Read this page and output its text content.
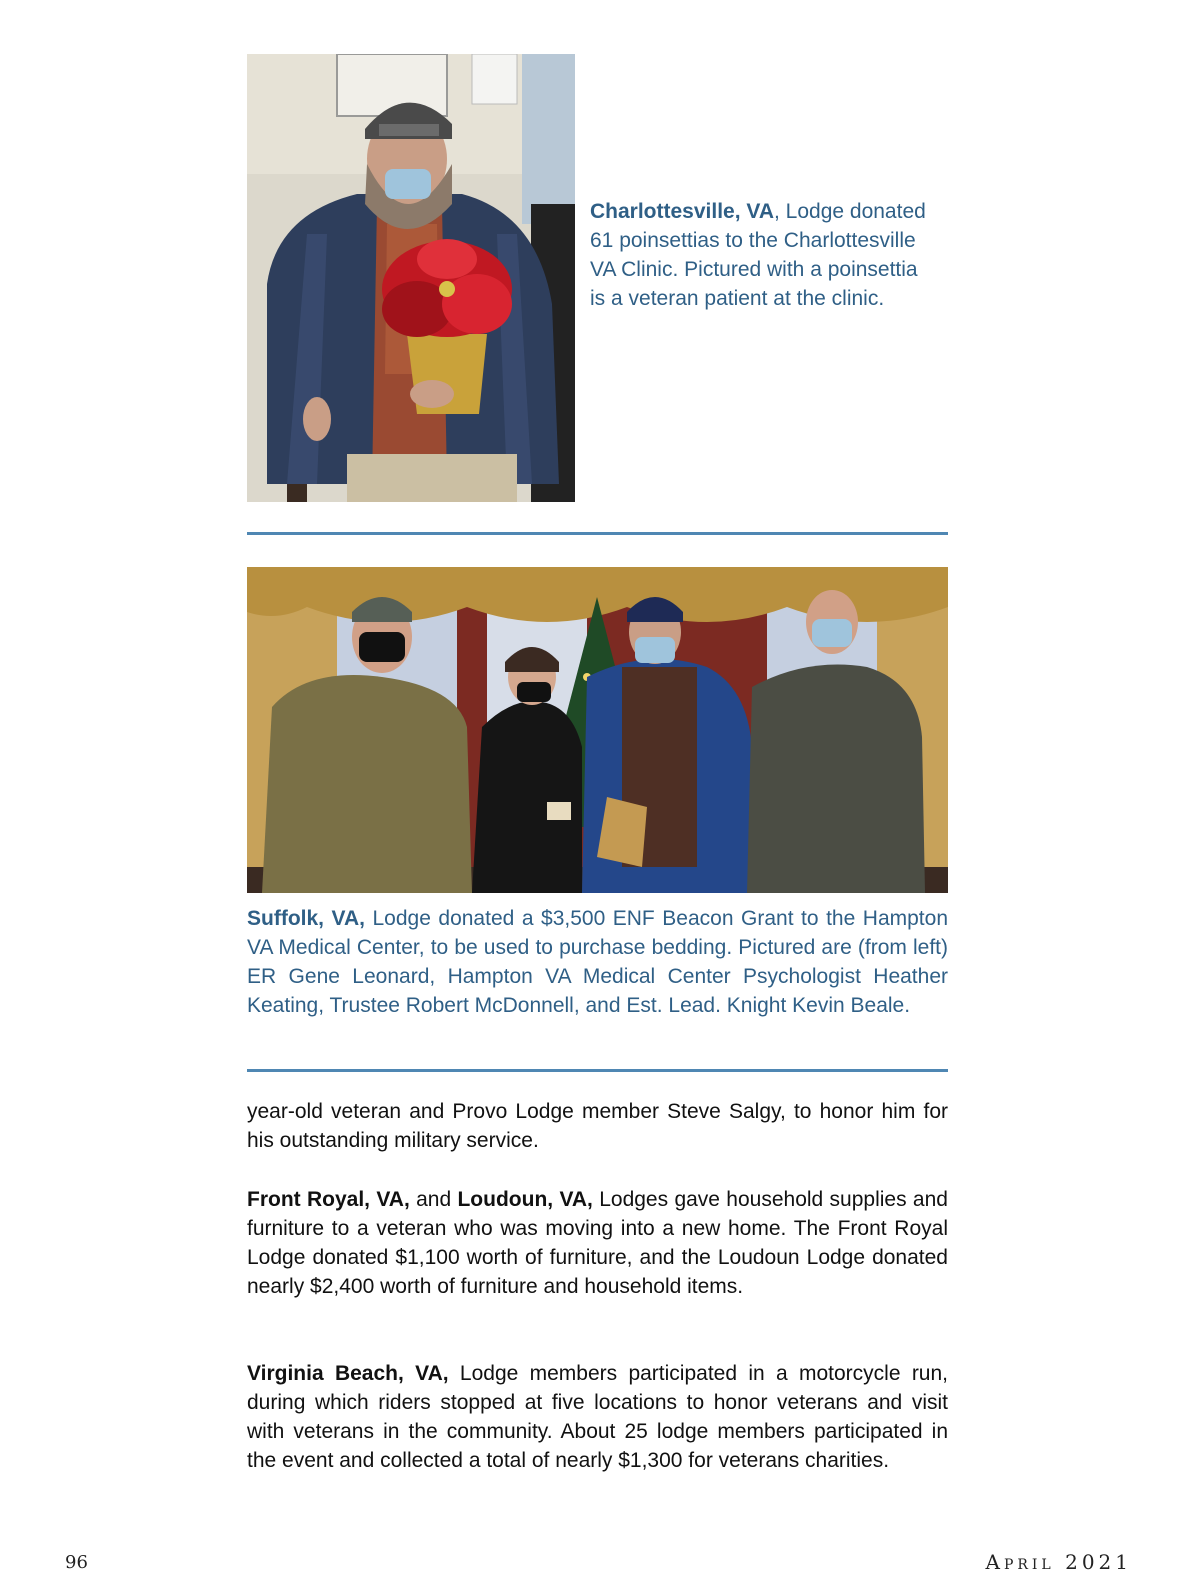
Charlottesville, VA, Lodge donated 61 poinsettias to the Charlottesville VA Clinic. Pictured with a poinsettia is a veteran patient at the clinic.
Suffolk, VA, Lodge donated a $3,500 ENF Beacon Grant to the Hampton VA Medical Center, to be used to purchase bedding. Pictured are (from left) ER Gene Leonard, Hampton VA Medical Center Psychologist Heather Keating, Trustee Robert McDonnell, and Est. Lead. Knight Kevin Beale.
year-old veteran and Provo Lodge member Steve Salgy, to honor him for his outstanding military service.
Front Royal, VA, and Loudoun, VA, Lodges gave household supplies and furniture to a veteran who was moving into a new home. The Front Royal Lodge donated $1,100 worth of furniture, and the Loudoun Lodge donated nearly $2,400 worth of furniture and household items.
Virginia Beach, VA, Lodge members participated in a motorcycle run, during which riders stopped at five locations to honor veterans and visit with veterans in the community. About 25 lodge members participated in the event and collected a total of nearly $1,300 for veterans charities.
96	April 2021
